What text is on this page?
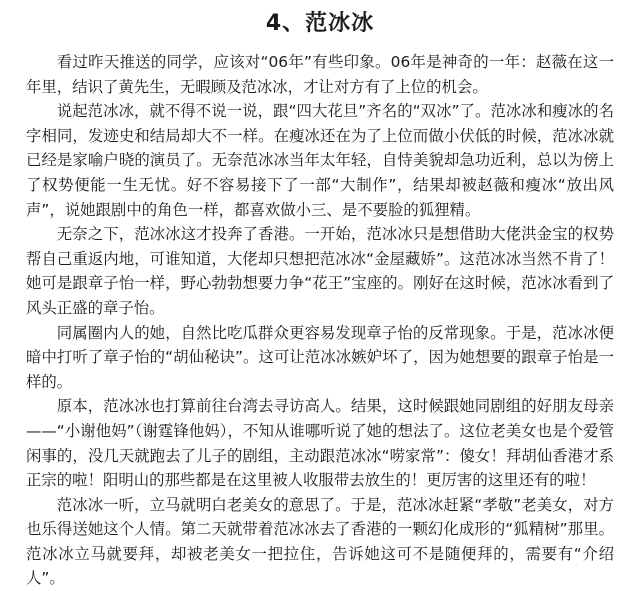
4、范冰冰

看过昨天推送的同学，应该对“06年”有些印象。06年是神奇的一年：赵薇在这一年里，结识了黄先生，无暇顾及范冰冰，才让对方有了上位的机会。

说起范冰冰，就不得不说一说，跟“四大花旦”齐名的“双冰”了。范冰冰和瘦冰的名字相同，发迹史和结局却大不一样。在瘦冰还在为了上位而做小伏低的时候，范冰冰就已经是家喻户晓的演员了。无奈范冰冰当年太年轻，自恃美貌却急功近利，总以为傍上了权势便能一生无忧。好不容易接下了一部“大制作”，结果却被赵薇和瘦冰“放出风声”，说她跟剧中的角色一样，都喜欢做小三、是不要脸的狐狸精。

无奈之下，范冰冰这才投奔了香港。一开始，范冰冰只是想借助大佬洪金宝的权势帮自己重返内地，可谁知道，大佬却只想把范冰冰“金屋藏娇”。这范冰冰当然不肯了！她可是跟章子怡一样，野心勃勃想要力争“花王”宝座的。刚好在这时候，范冰冰看到了风头正盛的章子怡。

同属圈内人的她，自然比吃瓜群众更容易发现章子怡的反常现象。于是，范冰冰便暗中打听了章子怡的“胡仙秘诀”。这可让范冰冰嫉妒坏了，因为她想要的跟章子怡是一样的。

原本，范冰冰也打算前往台湾去寻访高人。结果，这时候跟她同剧组的好朋友母亲——“小谢他妈”（谢霆锋他妈），不知从谁哪听说了她的想法了。这位老美女也是个爱管闲事的，没几天就跑去了儿子的剧组，主动跟范冰冰“唠家常”：傻女！拜胡仙香港才系正宗的啦！阳明山的那些都是在这里被人收服带去放生的！更厉害的这里还有的啦！

范冰冰一听，立马就明白老美女的意思了。于是，范冰冰赶紧“孝敬”老美女，对方也乐得送她这个人情。第二天就带着范冰冰去了香港的一颗幻化成形的“狐精树”那里。范冰冰立马就要拜，却被老美女一把拉住，告诉她这可不是随便拜的，需要有“介绍人”。
